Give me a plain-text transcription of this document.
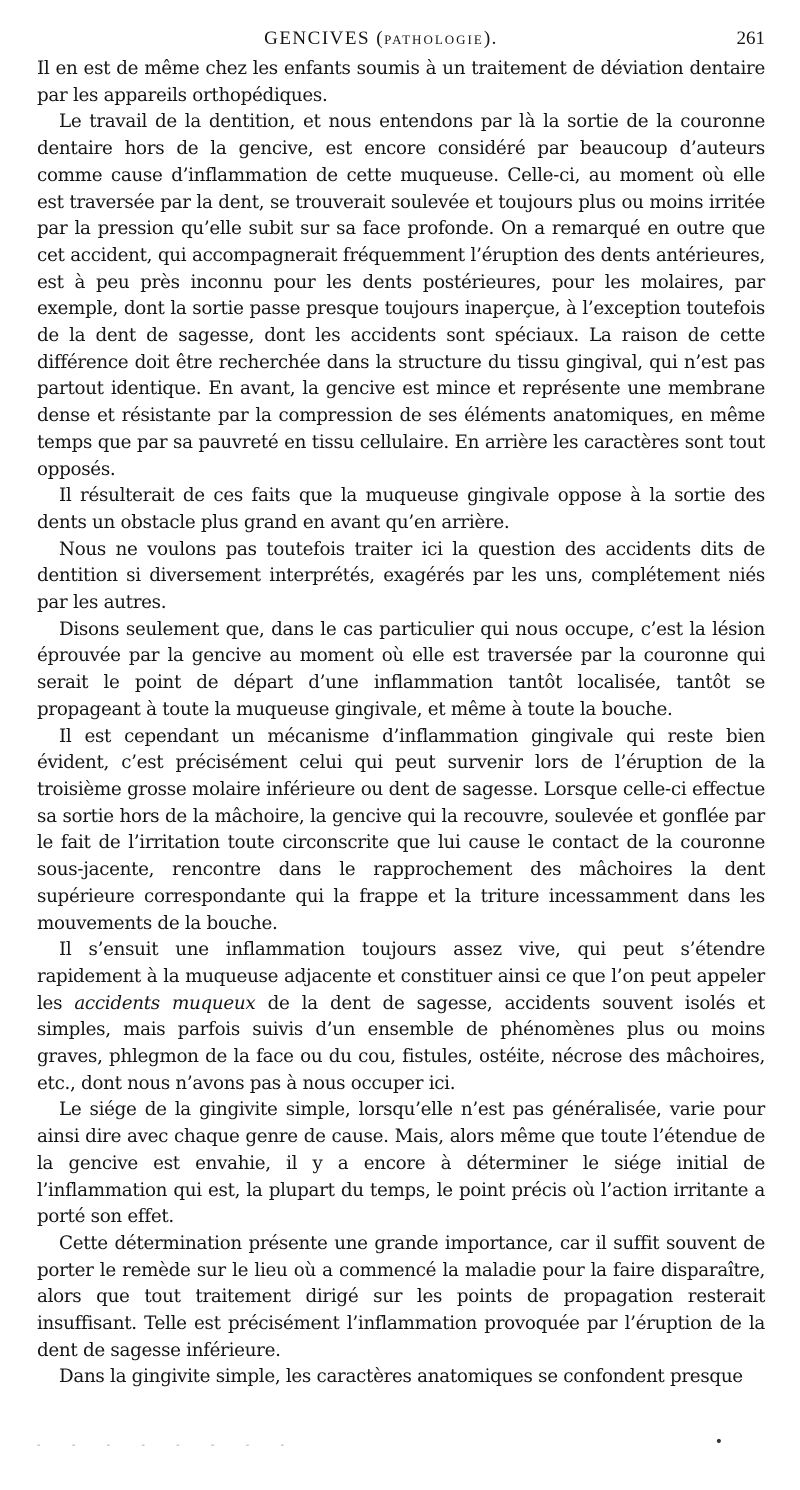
GENCIVES (PATHOLOGIE).	261

Il en est de même chez les enfants soumis à un traitement de déviation dentaire par les appareils orthopédiques.

Le travail de la dentition, et nous entendons par là la sortie de la couronne dentaire hors de la gencive, est encore considéré par beaucoup d’auteurs comme cause d’inflammation de cette muqueuse. Celle-ci, au moment où elle est traversée par la dent, se trouverait soulevée et toujours plus ou moins irritée par la pression qu’elle subit sur sa face profonde. On a remarqué en outre que cet accident, qui accompagnerait fréquemment l’éruption des dents antérieures, est à peu près inconnu pour les dents postérieures, pour les molaires, par exemple, dont la sortie passe presque toujours inaperçue, à l’exception toutefois de la dent de sagesse, dont les accidents sont spéciaux. La raison de cette différence doit être recherchée dans la structure du tissu gingival, qui n’est pas partout identique. En avant, la gencive est mince et représente une membrane dense et résistante par la compression de ses éléments anatomiques, en même temps que par sa pauvreté en tissu cellulaire. En arrière les caractères sont tout opposés.

Il résulterait de ces faits que la muqueuse gingivale oppose à la sortie des dents un obstacle plus grand en avant qu’en arrière.

Nous ne voulons pas toutefois traiter ici la question des accidents dits de dentition si diversement interprétés, exagérés par les uns, complétement niés par les autres.

Disons seulement que, dans le cas particulier qui nous occupe, c’est la lésion éprouvée par la gencive au moment où elle est traversée par la couronne qui serait le point de départ d’une inflammation tantôt localisée, tantôt se propageant à toute la muqueuse gingivale, et même à toute la bouche.

Il est cependant un mécanisme d’inflammation gingivale qui reste bien évident, c’est précisément celui qui peut survenir lors de l’éruption de la troisième grosse molaire inférieure ou dent de sagesse. Lorsque celle-ci effectue sa sortie hors de la mâchoire, la gencive qui la recouvre, soulevée et gonflée par le fait de l’irritation toute circonscrite que lui cause le contact de la couronne sous-jacente, rencontre dans le rapprochement des mâchoires la dent supérieure correspondante qui la frappe et la triture incessamment dans les mouvements de la bouche.

Il s’ensuit une inflammation toujours assez vive, qui peut s’étendre rapidement à la muqueuse adjacente et constituer ainsi ce que l’on peut appeler les accidents muqueux de la dent de sagesse, accidents souvent isolés et simples, mais parfois suivis d’un ensemble de phénomènes plus ou moins graves, phlegmon de la face ou du cou, fistules, ostéite, nécrose des mâchoires, etc., dont nous n’avons pas à nous occuper ici.

Le siége de la gingivite simple, lorsqu’elle n’est pas généralisée, varie pour ainsi dire avec chaque genre de cause. Mais, alors même que toute l’étendue de la gencive est envahie, il y a encore à déterminer le siége initial de l’inflammation qui est, la plupart du temps, le point précis où l’action irritante a porté son effet.

Cette détermination présente une grande importance, car il suffit souvent de porter le remède sur le lieu où a commencé la maladie pour la faire disparaître, alors que tout traitement dirigé sur les points de propagation resterait insuffisant. Telle est précisément l’inflammation provoquée par l’éruption de la dent de sagesse inférieure.

Dans la gingivite simple, les caractères anatomiques se confondent presque

- - - - - - - -	•
